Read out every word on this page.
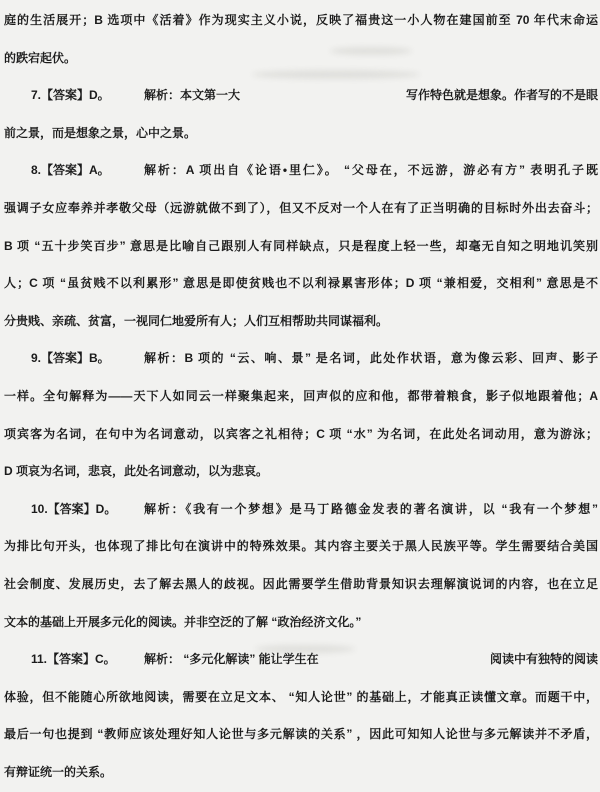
庭的生活展开；B 选项中《活着》作为现实主义小说，反映了福贵这一小人物在建国前至 70 年代末命运
的跌宕起伏。
7.【答案】D。	解析：本文第一大	写作特色就是想象。作者写的不是眼
前之景，而是想象之景，心中之景。
8.【答案】A。	解析：A 项出自《论语•里仁》。 “父母在，不远游，游必有方” 表明孔子既
强调子女应奉养并孝敬父母（远游就做不到了），但又不反对一个人在有了正当明确的目标时外出去奋斗；
B 项 “五十步笑百步” 意思是比喻自己跟别人有同样缺点，只是程度上轻一些，却毫无自知之明地讥笑别
人；C 项 “虽贫贱不以利累形” 意思是即使贫贱也不以利禄累害形体；D 项 “兼相爱，交相利” 意思是不
分贵贱、亲疏、贫富，一视同仁地爱所有人；人们互相帮助共同谋福利。
9.【答案】B。	解析：B 项的 “云、响、景” 是名词，此处作状语，意为像云彩、回声、影子
一样。全句解释为——天下人如同云一样聚集起来，回声似的应和他，都带着粮食，影子似地跟着他；A
项宾客为名词，在句中为名词意动，以宾客之礼相待；C 项 “水” 为名词，在此处名词动用，意为游泳；
D 项哀为名词，悲哀，此处名词意动，以为悲哀。
10.【答案】D。	解析：《我有一个梦想》是马丁路德金发表的著名演讲，以 “我有一个梦想”
为排比句开头，也体现了排比句在演讲中的特殊效果。其内容主要关于黑人民族平等。学生需要结合美国
社会制度、发展历史，去了解去黑人的歧视。因此需要学生借助背景知识去理解演说词的内容，也在立足
文本的基础上开展多元化的阅读。并非空泛的了解 “政治经济文化。”
11.【答案】C。	解析： “多元化解读” 能让学生在	阅读中有独特的阅读
体验，但不能随心所欲地阅读，需要在立足文本、 “知人论世” 的基础上，才能真正读懂文章。而题干中，
最后一句也提到 “教师应该处理好知人论世与多元解读的关系” ，因此可知知人论世与多元解读并不矛盾，
有辩证统一的关系。
